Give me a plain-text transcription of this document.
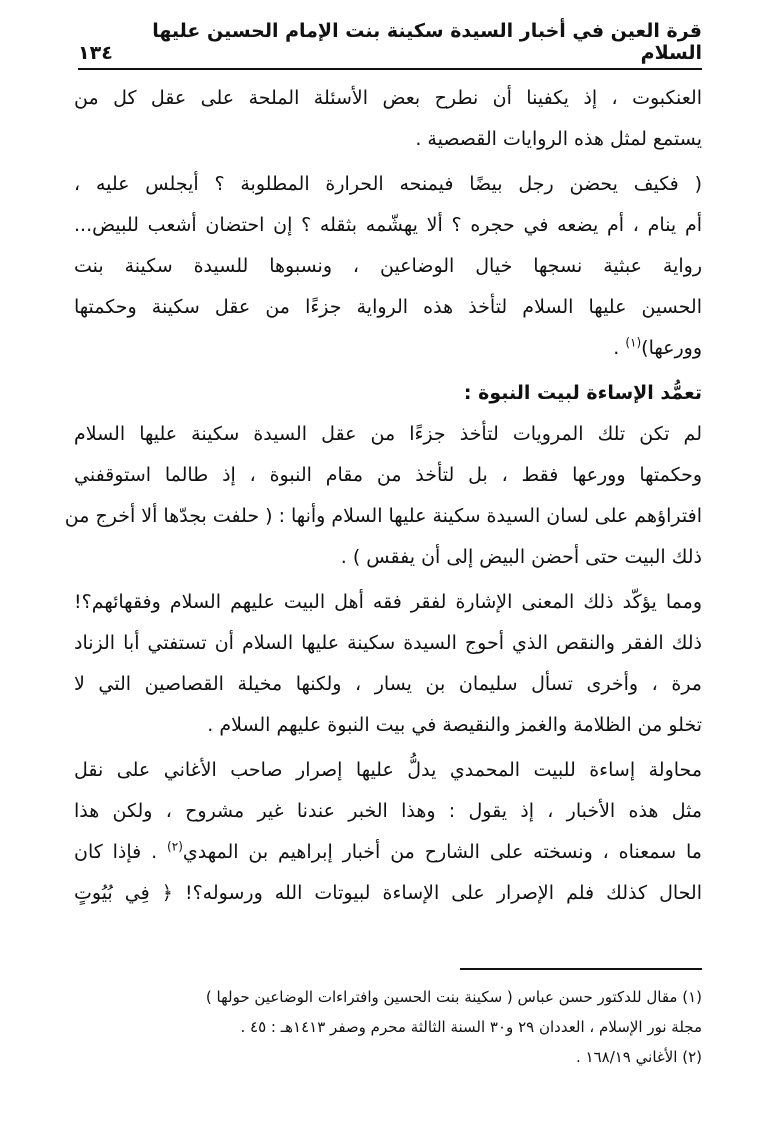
قرة العين في أخبار السيدة سكينة بنت الإمام الحسين عليها السلام
١٣٤

العنكبوت ، إذ يكفينا أن نطرح بعض الأسئلة الملحة على عقل كل من
يستمع لمثل هذه الروايات القصصية .

( فكيف يحضن رجل بيضًا فيمنحه الحرارة المطلوبة ؟ أيجلس عليه ،
أم ينام ، أم يضعه في حجره ؟ ألا يهشّمه بثقله ؟ إن احتضان أشعب للبيض...
رواية عبثية نسجها خيال الوضاعين ، ونسبوها للسيدة سكينة بنت
الحسين عليها السلام لتأخذ هذه الرواية جزءًا من عقل سكينة وحكمتها
وورعها)$^{(١)}$ .

تعمُّد الإساءة لبيت النبوة :

لم تكن تلك المرويات لتأخذ جزءًا من عقل السيدة سكينة عليها السلام
وحكمتها وورعها فقط ، بل لتأخذ من مقام النبوة ، إذ طالما استوقفني
افتراؤهم على لسان السيدة سكينة عليها السلام وأنها : ( حلفت بجدّها ألا أخرج من
ذلك البيت حتى أحضن البيض إلى أن يفقس ) .

ومما يؤكّد ذلك المعنى الإشارة لفقر فقه أهل البيت عليهم السلام وفقهائهم؟!
ذلك الفقر والنقص الذي أحوج السيدة سكينة عليها السلام أن تستفتي أبا الزناد
مرة ، وأخرى تسأل سليمان بن يسار ، ولكنها مخيلة القصاصين التي لا
تخلو من الظلامة والغمز والنقيصة في بيت النبوة عليهم السلام .

محاولة إساءة للبيت المحمدي يدلُّ عليها إصرار صاحب الأغاني على نقل
مثل هذه الأخبار ، إذ يقول : وهذا الخبر عندنا غير مشروح ، ولكن هذا
ما سمعناه ، ونسخته على الشارح من أخبار إبراهيم بن المهدي$^{(٢)}$ . فإذا كان
الحال كذلك فلم الإصرار على الإساءة لبيوتات الله ورسوله؟! ﴿ فِي بُيُوتٍ

(١) مقال للدكتور حسن عباس ( سكينة بنت الحسين وافتراءات الوضاعين حولها )
مجلة نور الإسلام ، العددان ٢٩ و٣٠ السنة الثالثة محرم وصفر ١٤١٣هـ : ٤٥ .
(٢) الأغاني ١٦٨/١٩ .
